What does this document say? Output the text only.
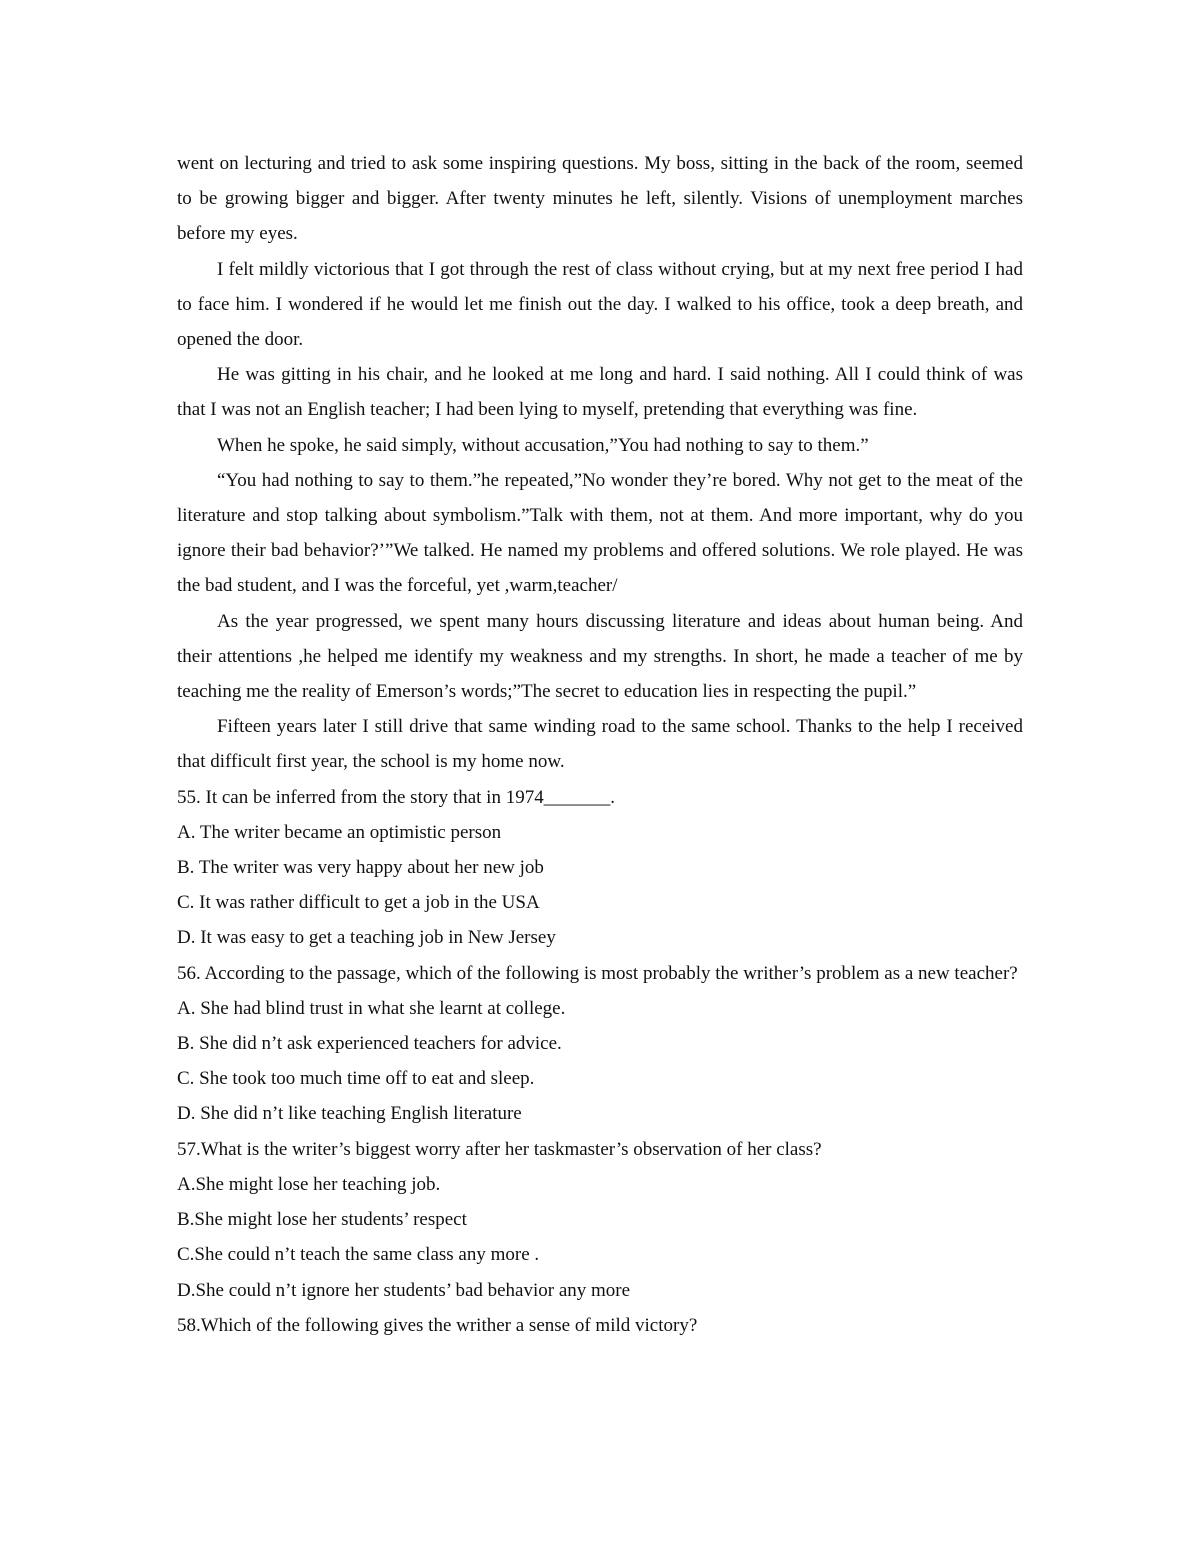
went on lecturing and tried to ask some inspiring questions. My boss, sitting in the back of the room, seemed to be growing bigger and bigger. After twenty minutes he left, silently. Visions of unemployment marches before my eyes.

I felt mildly victorious that I got through the rest of class without crying, but at my next free period I had to face him. I wondered if he would let me finish out the day. I walked to his office, took a deep breath, and opened the door.

He was gitting in his chair, and he looked at me long and hard. I said nothing. All I could think of was that I was not an English teacher; I had been lying to myself, pretending that everything was fine.

When he spoke, he said simply, without accusation,”You had nothing to say to them.”

“You had nothing to say to them.”he repeated,”No wonder they’re bored. Why not get to the meat of the literature and stop talking about symbolism.”Talk with them, not at them. And more important, why do you ignore their bad behavior?’”We talked. He named my problems and offered solutions. We role played. He was the bad student, and I was the forceful, yet ,warm,teacher/

As the year progressed, we spent many hours discussing literature and ideas about human being. And their attentions ,he helped me identify my weakness and my strengths. In short, he made a teacher of me by teaching me the reality of Emerson’s words;”The secret to education lies in respecting the pupil.”

Fifteen years later I still drive that same winding road to the same school. Thanks to the help I received that difficult first year, the school is my home now.

55. It can be inferred from the story that in 1974_______.

A. The writer became an optimistic person

B. The writer was very happy about her new job

C. It was rather difficult to get a job in the USA

D. It was easy to get a teaching job in New Jersey

56. According to the passage, which of the following is most probably the writher’s problem as a new teacher?

A. She had blind trust in what she learnt at college.

B. She did n’t ask experienced teachers for advice.

C. She took too much time off to eat and sleep.

D. She did n’t like teaching English literature

57.What is the writer’s biggest worry after her taskmaster’s observation of her class?

A.She might lose her teaching job.

B.She might lose her students’ respect

C.She could n’t teach the same class any more .

D.She could n’t ignore her students’ bad behavior any more

58.Which of the following gives the writher a sense of mild victory?
